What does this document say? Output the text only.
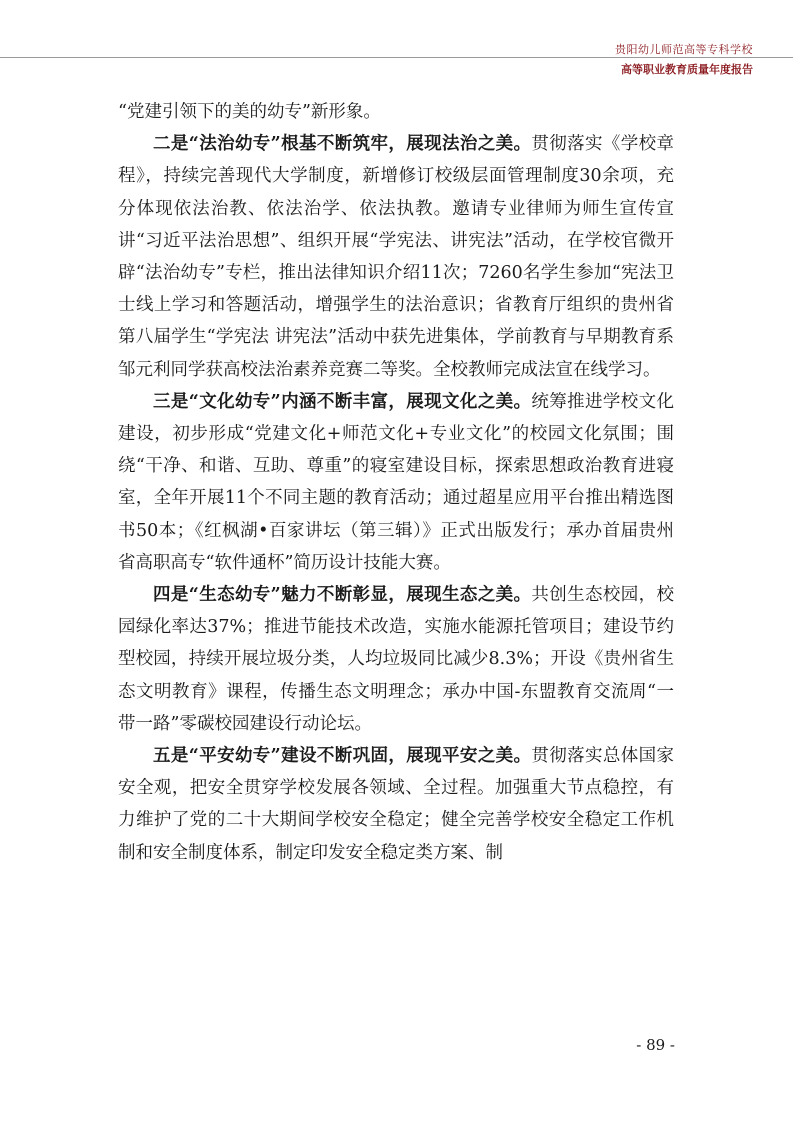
贵阳幼儿师范高等专科学校
高等职业教育质量年度报告

“党建引领下的美的幼专”新形象。

二是“法治幼专”根基不断筑牢，展现法治之美。贯彻落实《学校章程》，持续完善现代大学制度，新增修订校级层面管理制度30余项，充分体现依法治教、依法治学、依法执教。邀请专业律师为师生宣传宣讲“习近平法治思想”、组织开展“学宪法、讲宪法”活动，在学校官微开辟“法治幼专”专栏，推出法律知识介绍11次；7260名学生参加“宪法卫士线上学习和答题活动，增强学生的法治意识；省教育厅组织的贵州省第八届学生“学宪法 讲宪法”活动中获先进集体，学前教育与早期教育系邹元利同学获高校法治素养竞赛二等奖。全校教师完成法宣在线学习。

三是“文化幼专”内涵不断丰富，展现文化之美。统筹推进学校文化建设，初步形成“党建文化+师范文化+专业文化”的校园文化氛围；围绕“干净、和谐、互助、尊重”的寝室建设目标，探索思想政治教育进寝室，全年开展11个不同主题的教育活动；通过超星应用平台推出精选图书50本；《红枫湖•百家讲坛（第三辑）》正式出版发行；承办首届贵州省高职高专“软件通杯”简历设计技能大赛。

四是“生态幼专”魅力不断彰显，展现生态之美。共创生态校园，校园绿化率达37%；推进节能技术改造，实施水能源托管项目；建设节约型校园，持续开展垃圾分类，人均垃圾同比减少8.3%；开设《贵州省生态文明教育》课程，传播生态文明理念；承办中国-东盟教育交流周“一带一路”零碳校园建设行动论坛。

五是“平安幼专”建设不断巩固，展现平安之美。贯彻落实总体国家安全观，把安全贯穿学校发展各领域、全过程。加强重大节点稳控，有力维护了党的二十大期间学校安全稳定；健全完善学校安全稳定工作机制和安全制度体系，制定印发安全稳定类方案、制

- 89 -
